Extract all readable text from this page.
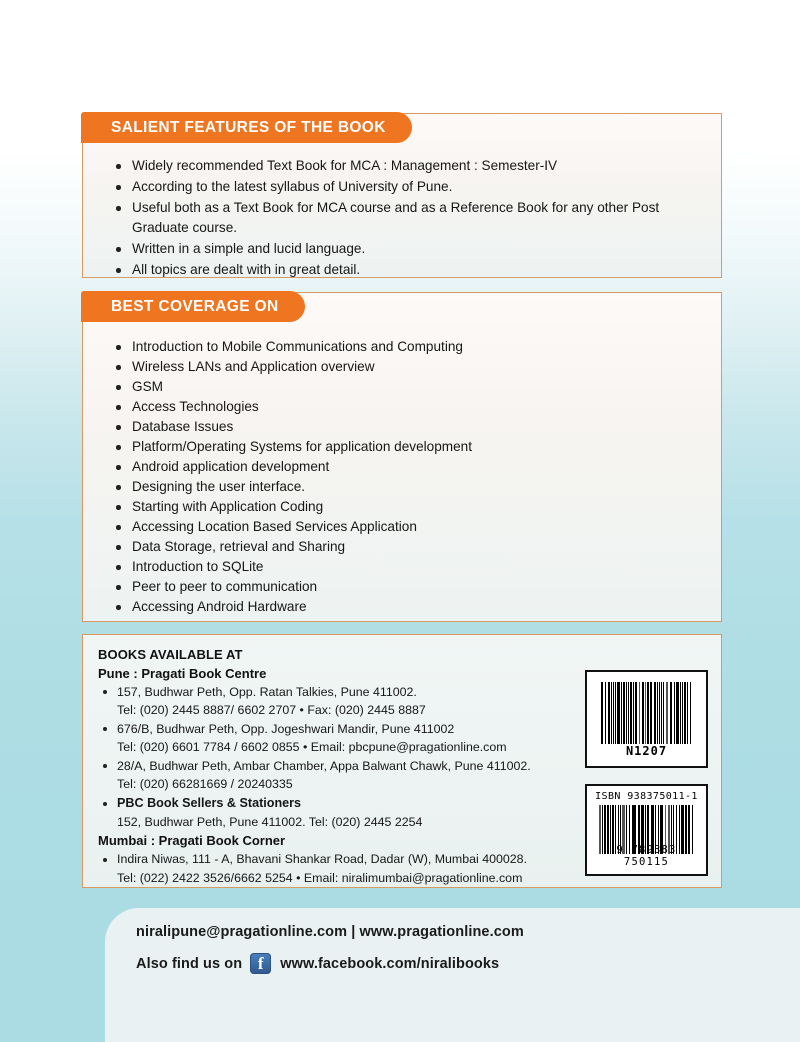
SALIENT FEATURES OF THE BOOK
Widely recommended Text Book for MCA : Management : Semester-IV
According to the latest syllabus of University of Pune.
Useful both as a Text Book for MCA course and as a Reference Book for any other Post Graduate course.
Written in a simple and lucid language.
All topics are dealt with in great detail.
BEST COVERAGE ON
Introduction to Mobile Communications and Computing
Wireless LANs and Application overview
GSM
Access Technologies
Database Issues
Platform/Operating Systems for application development
Android application development
Designing the user interface.
Starting with Application Coding
Accessing Location Based Services Application
Data Storage, retrieval and Sharing
Introduction to SQLite
Peer to peer to communication
Accessing Android Hardware
BOOKS AVAILABLE AT
Pune : Pragati Book Centre
157, Budhwar Peth, Opp. Ratan Talkies, Pune 411002.
Tel: (020) 2445 8887/ 6602 2707 • Fax: (020) 2445 8887
676/B, Budhwar Peth, Opp. Jogeshwari Mandir, Pune 411002
Tel: (020) 6601 7784 / 6602 0855 • Email: pbcpune@pragationline.com
28/A, Budhwar Peth, Ambar Chamber, Appa Balwant Chawk, Pune 411002.
Tel: (020) 66281669 / 20240335
PBC Book Sellers & Stationers
152, Budhwar Peth, Pune 411002. Tel: (020) 2445 2254
Mumbai : Pragati Book Corner
Indira Niwas, 111 - A, Bhavani Shankar Road, Dadar (W), Mumbai 400028.
Tel: (022) 2422 3526/6662 5254 • Email: niralimumbai@pragationline.com
N1207
ISBN 938375011-1
9 789383 750115
niralipune@pragationline.com | www.pragationline.com
Also find us on f	www.facebook.com/niralibooks
